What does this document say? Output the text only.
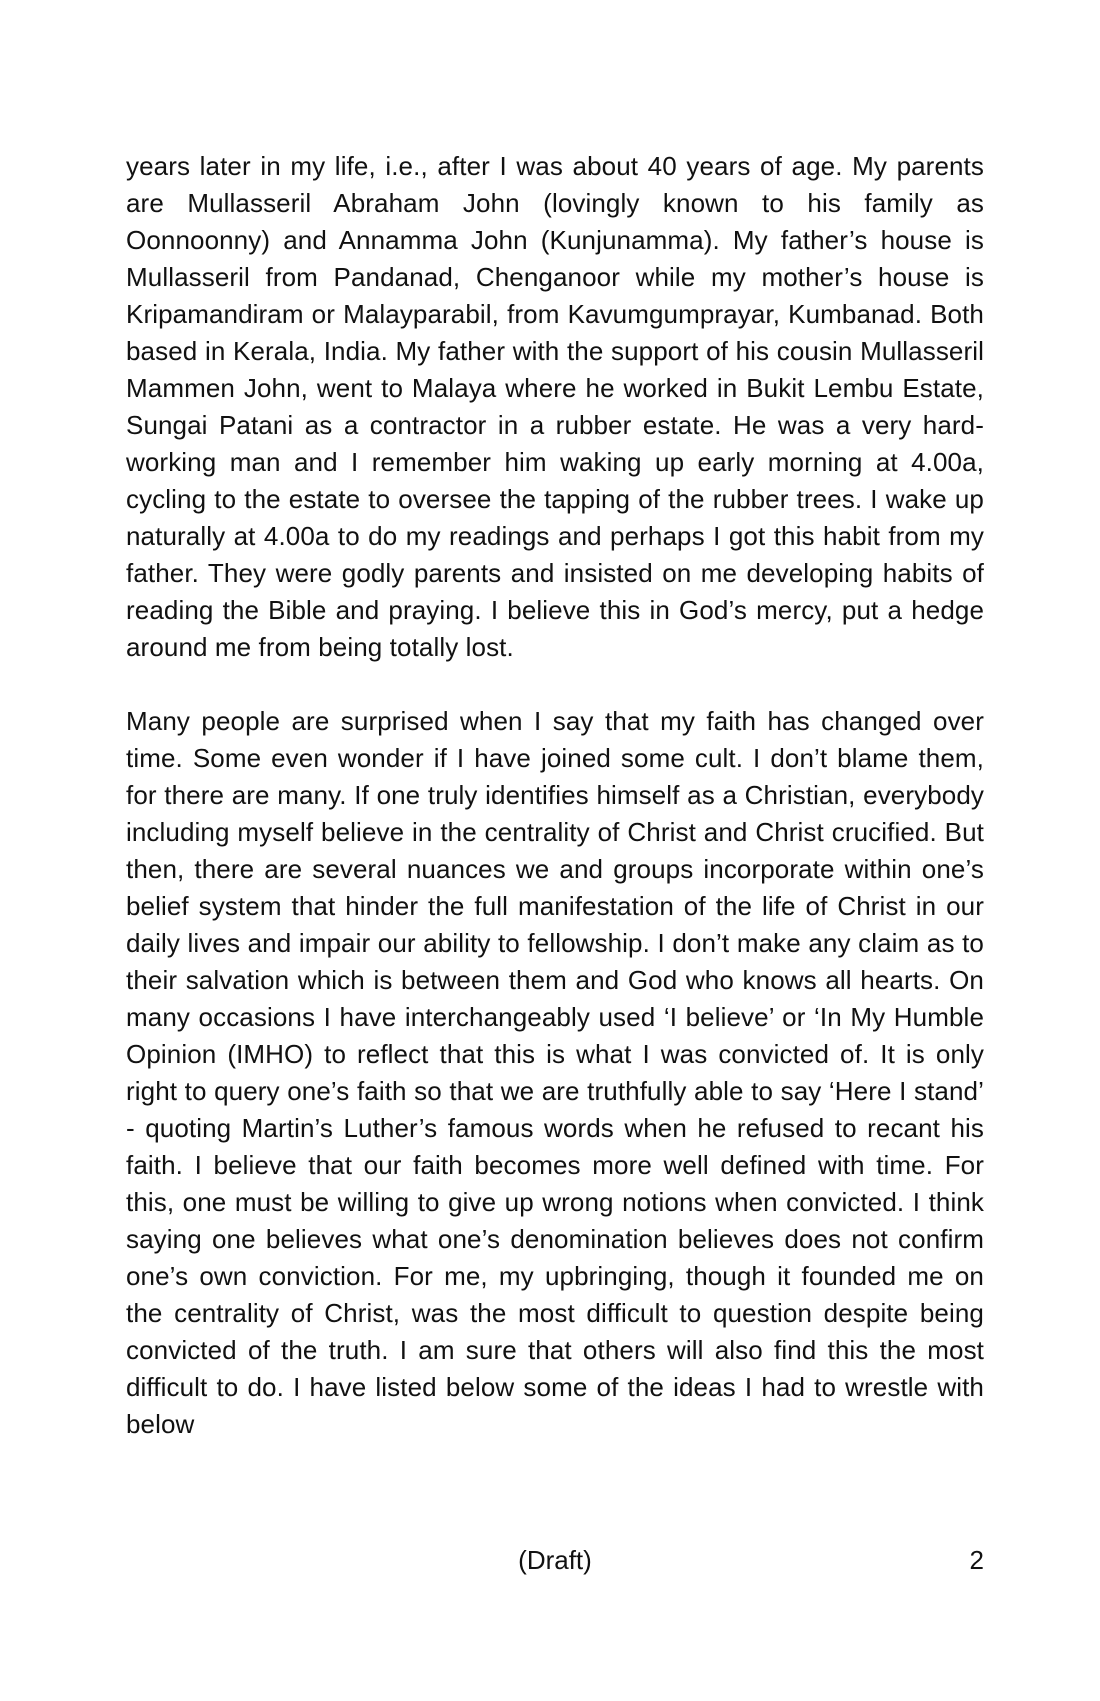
years later in my life, i.e., after I was about 40 years of age. My parents are Mullasseril Abraham John (lovingly known to his family as Oonnoonny) and Annamma John (Kunjunamma). My father’s house is Mullasseril from Pandanad, Chenganoor while my mother’s house is Kripamandiram or Malayparabil, from Kavumgumprayar, Kumbanad. Both based in Kerala, India. My father with the support of his cousin Mullasseril Mammen John, went to Malaya where he worked in Bukit Lembu Estate, Sungai Patani as a contractor in a rubber estate. He was a very hard-working man and I remember him waking up early morning at 4.00a, cycling to the estate to oversee the tapping of the rubber trees. I wake up naturally at 4.00a to do my readings and perhaps I got this habit from my father. They were godly parents and insisted on me developing habits of reading the Bible and praying. I believe this in God’s mercy, put a hedge around me from being totally lost.

Many people are surprised when I say that my faith has changed over time. Some even wonder if I have joined some cult. I don’t blame them, for there are many. If one truly identifies himself as a Christian, everybody including myself believe in the centrality of Christ and Christ crucified. But then, there are several nuances we and groups incorporate within one’s belief system that hinder the full manifestation of the life of Christ in our daily lives and impair our ability to fellowship. I don’t make any claim as to their salvation which is between them and God who knows all hearts. On many occasions I have interchangeably used ‘I believe’ or ‘In My Humble Opinion (IMHO) to reflect that this is what I was convicted of. It is only right to query one’s faith so that we are truthfully able to say ‘Here I stand’ - quoting Martin’s Luther’s famous words when he refused to recant his faith. I believe that our faith becomes more well defined with time. For this, one must be willing to give up wrong notions when convicted. I think saying one believes what one’s denomination believes does not confirm one’s own conviction. For me, my upbringing, though it founded me on the centrality of Christ, was the most difficult to question despite being convicted of the truth. I am sure that others will also find this the most difficult to do. I have listed below some of the ideas I had to wrestle with below

(Draft)	2
